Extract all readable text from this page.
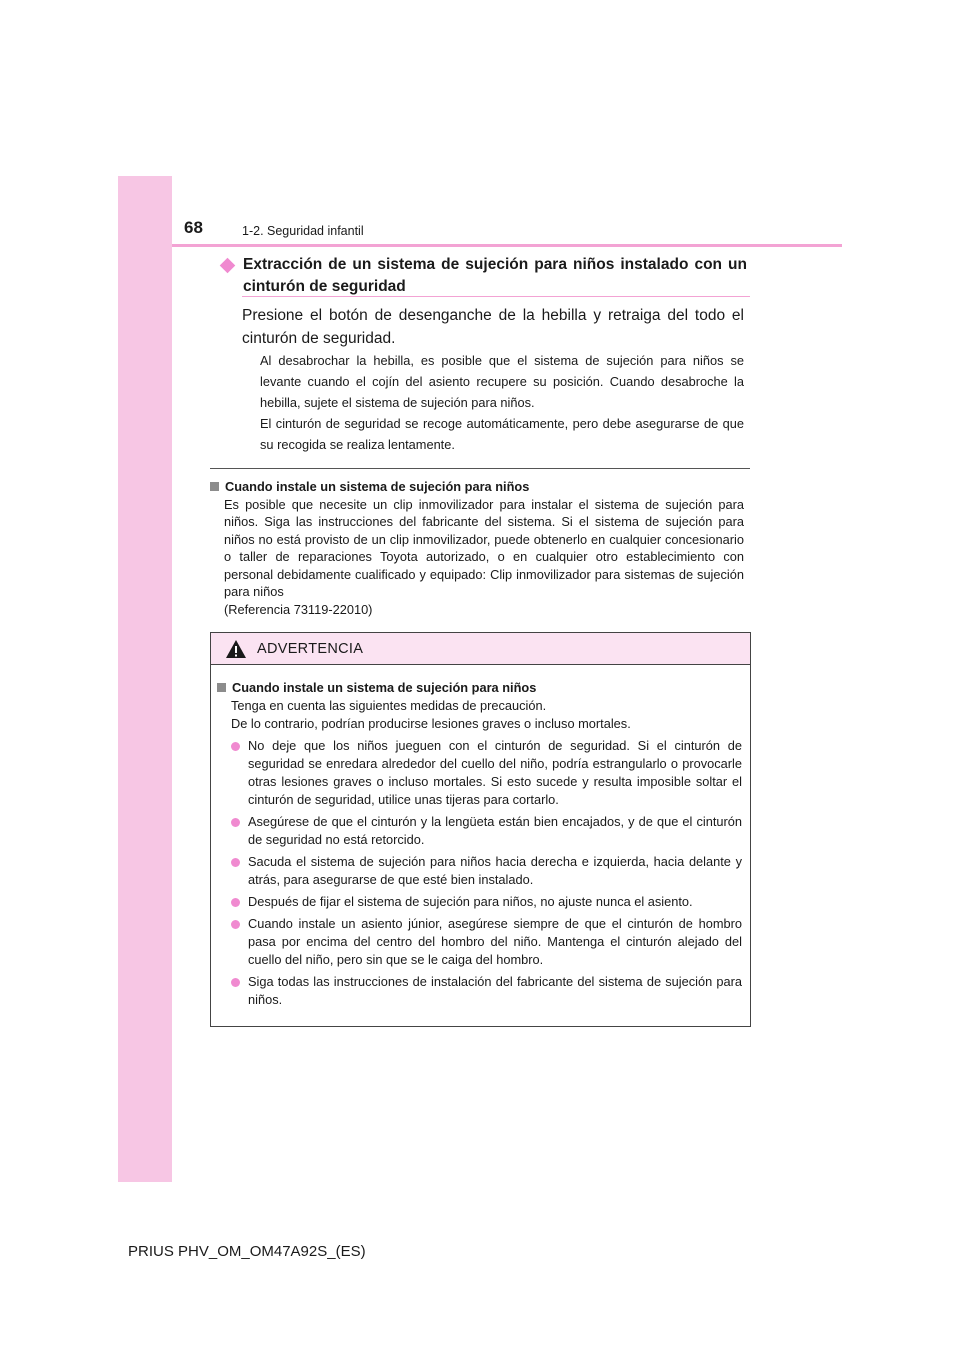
68	1-2. Seguridad infantil
Extracción de un sistema de sujeción para niños instalado con un cinturón de seguridad
Presione el botón de desenganche de la hebilla y retraiga del todo el cinturón de seguridad.
Al desabrochar la hebilla, es posible que el sistema de sujeción para niños se levante cuando el cojín del asiento recupere su posición. Cuando desabroche la hebilla, sujete el sistema de sujeción para niños.
El cinturón de seguridad se recoge automáticamente, pero debe asegurarse de que su recogida se realiza lentamente.
Cuando instale un sistema de sujeción para niños
Es posible que necesite un clip inmovilizador para instalar el sistema de sujeción para niños. Siga las instrucciones del fabricante del sistema. Si el sistema de sujeción para niños no está provisto de un clip inmovilizador, puede obtenerlo en cualquier concesionario o taller de reparaciones Toyota autorizado, o en cualquier otro establecimiento con personal debidamente cualificado y equipado: Clip inmovilizador para sistemas de sujeción para niños
(Referencia 73119-22010)
ADVERTENCIA
Cuando instale un sistema de sujeción para niños
Tenga en cuenta las siguientes medidas de precaución.
De lo contrario, podrían producirse lesiones graves o incluso mortales.
No deje que los niños jueguen con el cinturón de seguridad. Si el cinturón de seguridad se enredara alrededor del cuello del niño, podría estrangularlo o provocarle otras lesiones graves o incluso mortales. Si esto sucede y resulta imposible soltar el cinturón de seguridad, utilice unas tijeras para cortarlo.
Asegúrese de que el cinturón y la lengüeta están bien encajados, y de que el cinturón de seguridad no está retorcido.
Sacuda el sistema de sujeción para niños hacia derecha e izquierda, hacia delante y atrás, para asegurarse de que esté bien instalado.
Después de fijar el sistema de sujeción para niños, no ajuste nunca el asiento.
Cuando instale un asiento júnior, asegúrese siempre de que el cinturón de hombro pasa por encima del centro del hombro del niño. Mantenga el cinturón alejado del cuello del niño, pero sin que se le caiga del hombro.
Siga todas las instrucciones de instalación del fabricante del sistema de sujeción para niños.
PRIUS PHV_OM_OM47A92S_(ES)
